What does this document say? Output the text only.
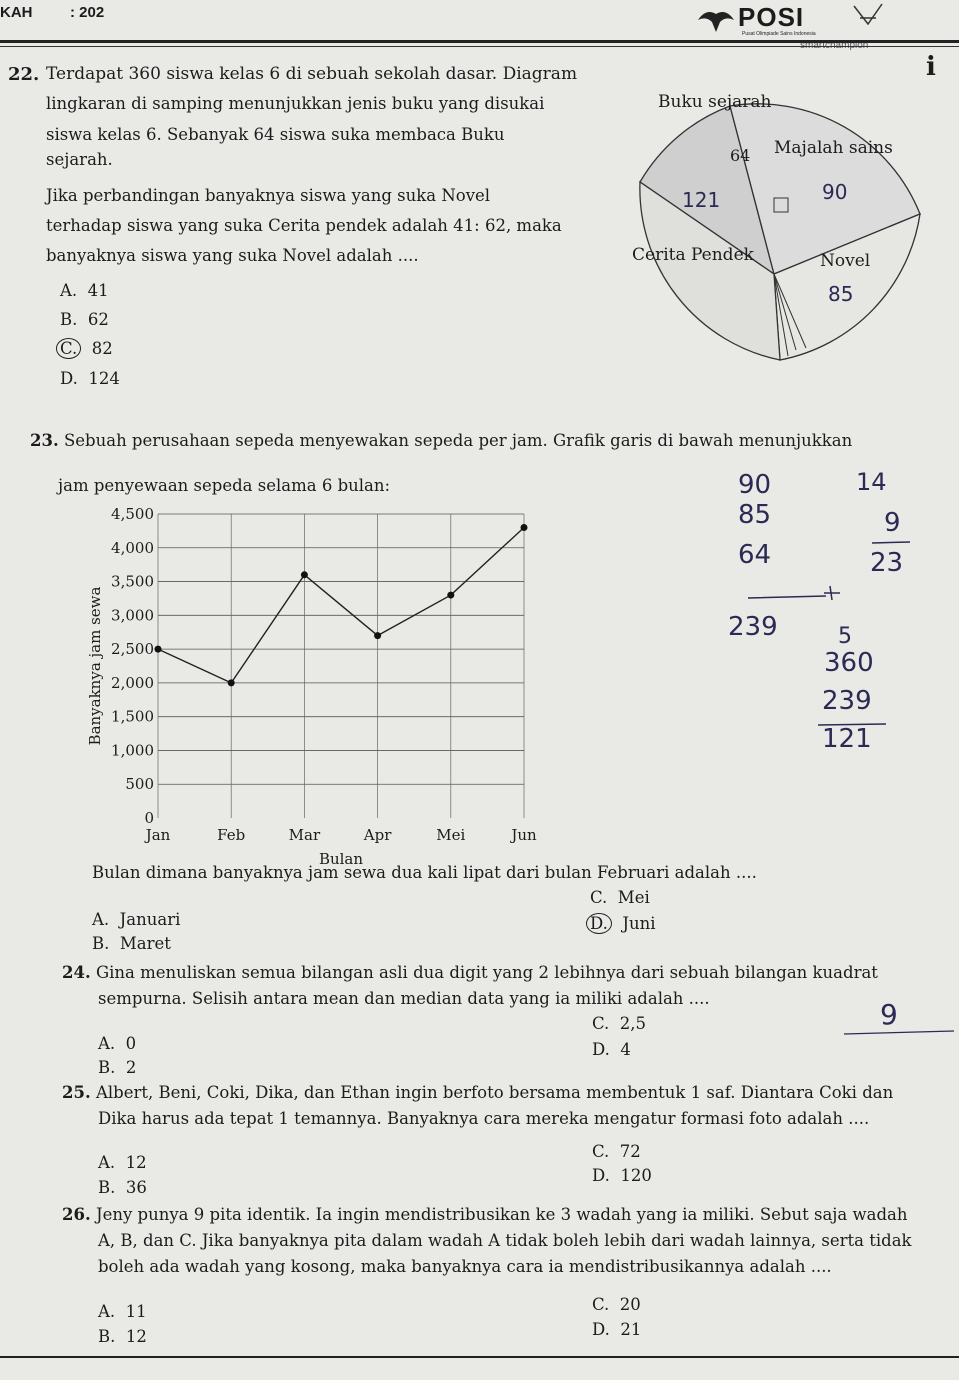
KAH	: 202	POSI
Pusat Olimpiade Sains Indonesia
i
22. Terdapat 360 siswa kelas 6 di sebuah sekolah dasar. Diagram
lingkaran di samping menunjukkan jenis buku yang disukai
siswa kelas 6. Sebanyak 64 siswa suka membaca Buku
sejarah.
Jika perbandingan banyaknya siswa yang suka Novel
terhadap siswa yang suka Cerita pendek adalah 41: 62, maka
banyaknya siswa yang suka Novel adalah ....
A. 41
B. 62
C. 82
D. 124
Buku sejarah
64 Majalah sains
Cerita Pendek	Novel
90
121
85
23. Sebuah perusahaan sepeda menyewakan sepeda per jam. Grafik garis di bawah menunjukkan
jam penyewaan sepeda selama 6 bulan:
0
500
1,000
1,500
2,000
2,500
3,000
3,500
4,000
4,500
Jan	Feb	Mar	Apr	Mei	Jun
Bulan
Banyaknya jam sewa
90
85
64
239
14
9
23
5
360
239
121
Bulan dimana banyaknya jam sewa dua kali lipat dari bulan Februari adalah ....
A. Januari
B. Maret
C. Mei
D. Juni
24. Gina menuliskan semua bilangan asli dua digit yang 2 lebihnya dari sebuah bilangan kuadrat
sempurna. Selisih antara mean dan median data yang ia miliki adalah ....
A. 0
B. 2
C. 2,5
D. 4
9
25. Albert, Beni, Coki, Dika, dan Ethan ingin berfoto bersama membentuk 1 saf. Diantara Coki dan
Dika harus ada tepat 1 temannya. Banyaknya cara mereka mengatur formasi foto adalah ....
A. 12
B. 36
C. 72
D. 120
26. Jeny punya 9 pita identik. Ia ingin mendistribusikan ke 3 wadah yang ia miliki. Sebut saja wadah
A, B, dan C. Jika banyaknya pita dalam wadah A tidak boleh lebih dari wadah lainnya, serta tidak
boleh ada wadah yang kosong, maka banyaknya cara ia mendistribusikannya adalah ....
A. 11
B. 12
C. 20
D. 21
